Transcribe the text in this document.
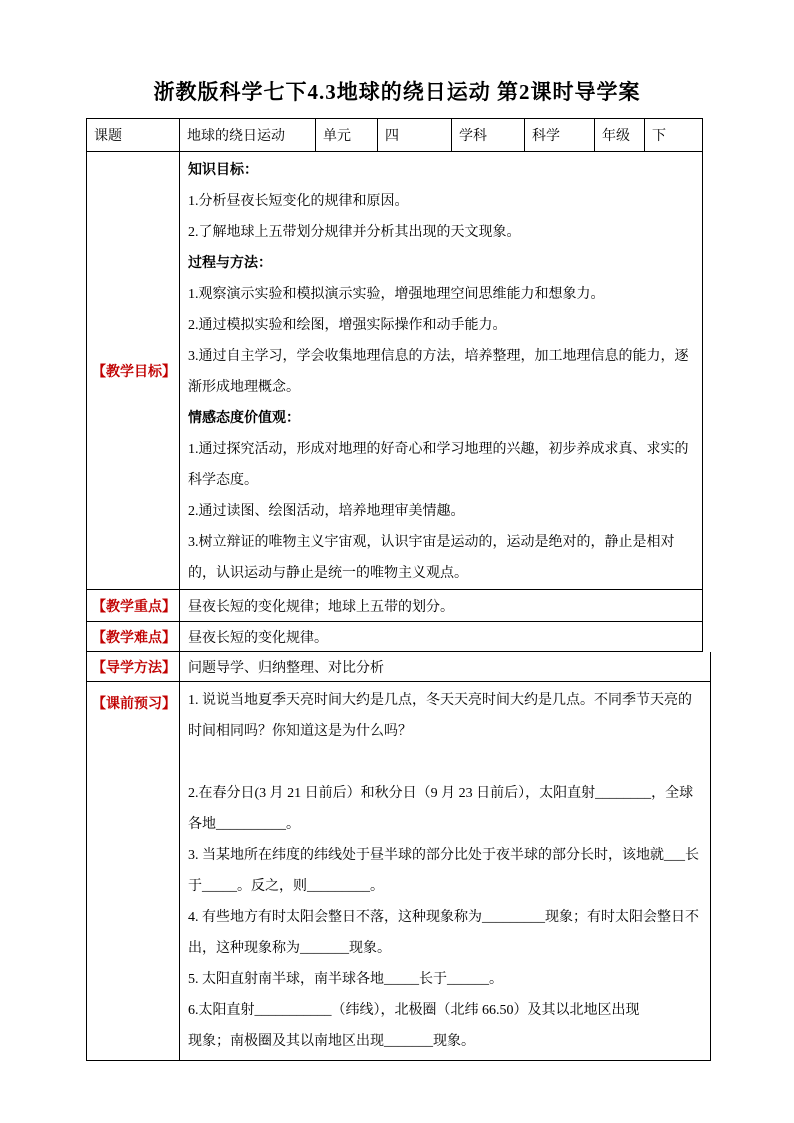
浙教版科学七下4.3地球的绕日运动 第2课时导学案
课题	地球的绕日运动	单元	四	学科	科学	年级	下
【教学目标】

知识目标：

1.分析昼夜长短变化的规律和原因。

2.了解地球上五带划分规律并分析其出现的天文现象。

过程与方法：

1.观察演示实验和模拟演示实验，增强地理空间思维能力和想象力。

2.通过模拟实验和绘图，增强实际操作和动手能力。

3.通过自主学习，学会收集地理信息的方法，培养整理，加工地理信息的能力，逐渐形成地理概念。

情感态度价值观：

1.通过探究活动，形成对地理的好奇心和学习地理的兴趣，初步养成求真、求实的科学态度。

2.通过读图、绘图活动，培养地理审美情趣。

3.树立辩证的唯物主义宇宙观，认识宇宙是运动的，运动是绝对的，静止是相对的，认识运动与静止是统一的唯物主义观点。

【教学重点】 昼夜长短的变化规律；地球上五带的划分。
【教学难点】 昼夜长短的变化规律。
【导学方法】 问题导学、归纳整理、对比分析
【课前预习】 1. 说说当地夏季天亮时间大约是几点，冬天天亮时间大约是几点。不同季节天亮的时间相同吗？你知道这是为什么吗？

2.在春分日(3 月 21 日前后）和秋分日（9 月 23 日前后），太阳直射________，全球各地__________。

3. 当某地所在纬度的纬线处于昼半球的部分比处于夜半球的部分长时，该地就___长于_____。反之，则_________。

4. 有些地方有时太阳会整日不落，这种现象称为_________现象；有时太阳会整日不出，这种现象称为_______现象。

5. 太阳直射南半球，南半球各地_____长于______。

6.太阳直射___________（纬线），北极圈（北纬 66.50）及其以北地区出现

现象；南极圈及其以南地区出现_______现象。
